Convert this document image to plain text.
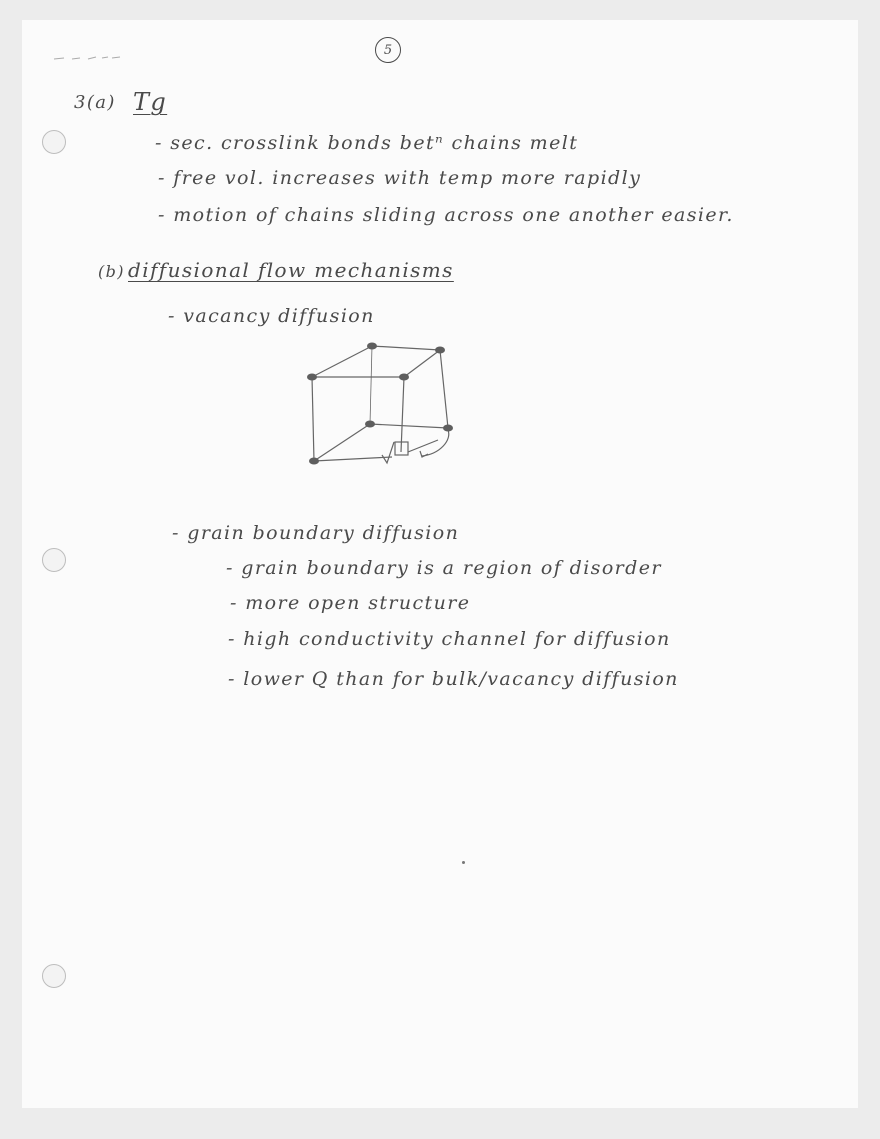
5
3(a) Tg
- sec. crosslink bonds betⁿ chains melt
- free vol. increases with temp more rapidly
- motion of chains sliding across one another easier.
(b) diffusional flow mechanisms
- vacancy diffusion
- grain boundary diffusion
- grain boundary is a region of disorder
- more open structure
- high conductivity channel for diffusion
- lower Q than for bulk/vacancy diffusion
